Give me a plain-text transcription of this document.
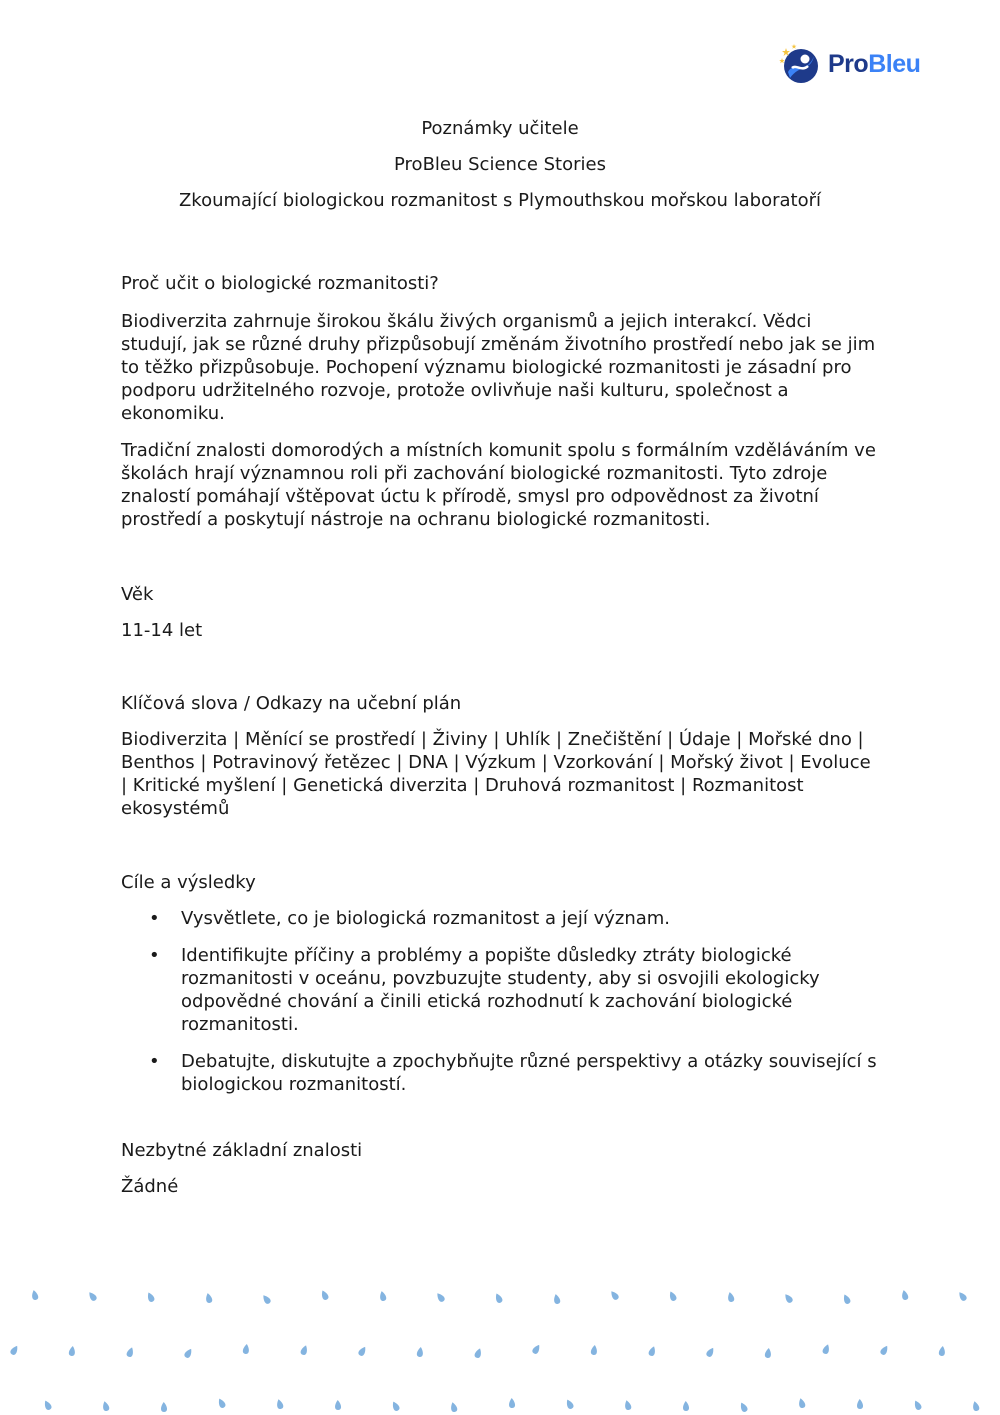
ProBleu
Poznámky učitele
ProBleu Science Stories
Zkoumající biologickou rozmanitost s Plymouthskou mořskou laboratoří

Proč učit o biologické rozmanitosti?

Biodiverzita zahrnuje širokou škálu živých organismů a jejich interakcí. Vědci studují, jak se různé druhy přizpůsobují změnám životního prostředí nebo jak se jim to těžko přizpůsobuje. Pochopení významu biologické rozmanitosti je zásadní pro podporu udržitelného rozvoje, protože ovlivňuje naši kulturu, společnost a ekonomiku.

Tradiční znalosti domorodých a místních komunit spolu s formálním vzděláváním ve školách hrají významnou roli při zachování biologické rozmanitosti. Tyto zdroje znalostí pomáhají vštěpovat úctu k přírodě, smysl pro odpovědnost za životní prostředí a poskytují nástroje na ochranu biologické rozmanitosti.

Věk

11-14 let

Klíčová slova / Odkazy na učební plán

Biodiverzita | Měnící se prostředí | Živiny | Uhlík | Znečištění | Údaje | Mořské dno | Benthos | Potravinový řetězec | DNA | Výzkum | Vzorkování | Mořský život | Evoluce | Kritické myšlení | Genetická diverzita | Druhová rozmanitost | Rozmanitost ekosystémů

Cíle a výsledky

• Vysvětlete, co je biologická rozmanitost a její význam.
• Identifikujte příčiny a problémy a popište důsledky ztráty biologické rozmanitosti v oceánu, povzbuzujte studenty, aby si osvojili ekologicky odpovědné chování a činili etická rozhodnutí k zachování biologické rozmanitosti.
• Debatujte, diskutujte a zpochybňujte různé perspektivy a otázky související s biologickou rozmanitostí.

Nezbytné základní znalosti

Žádné
